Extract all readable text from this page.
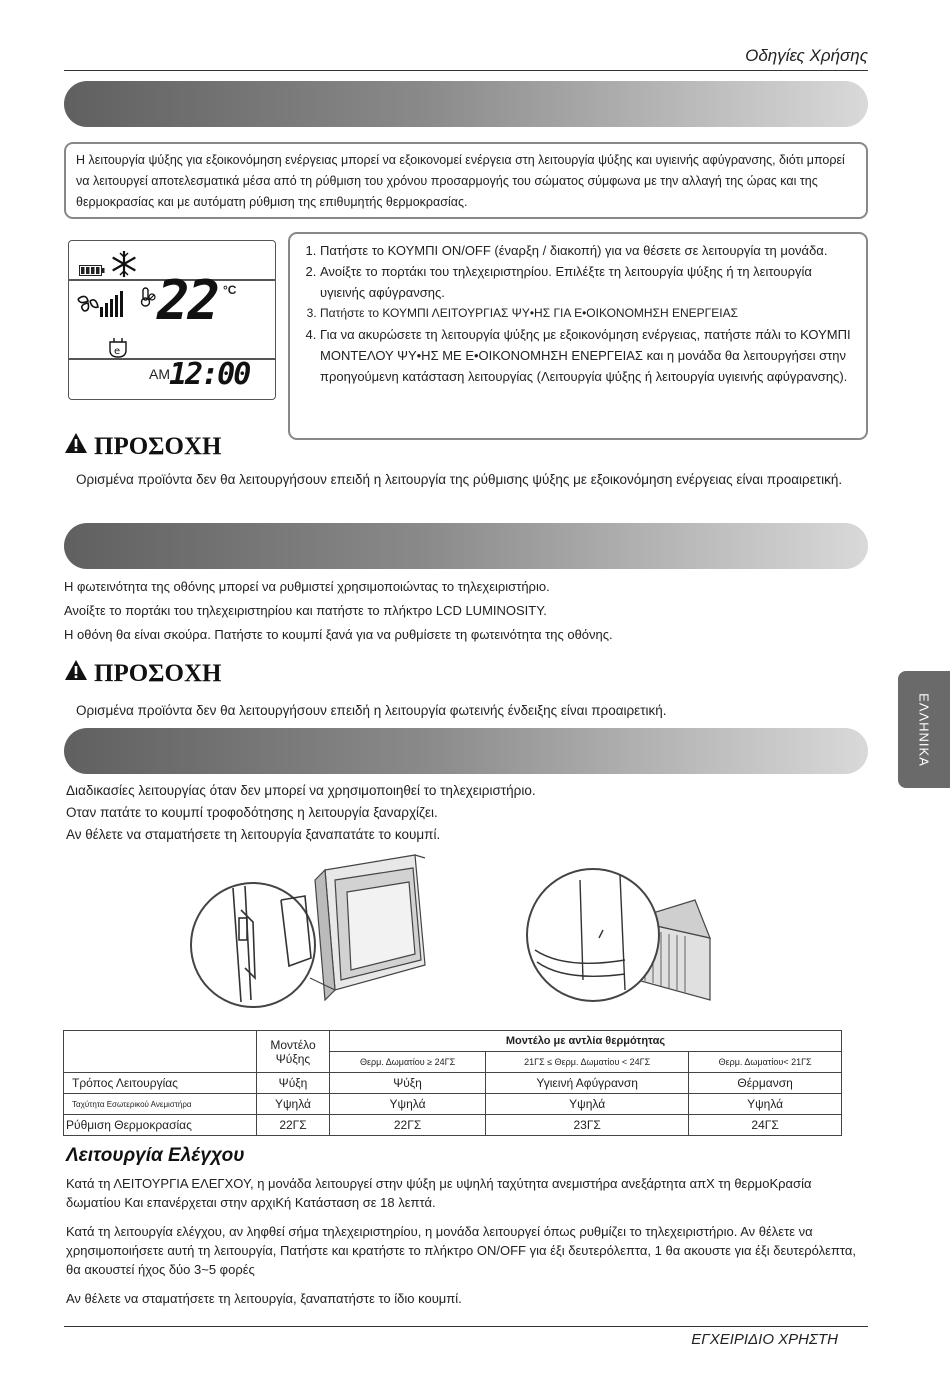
Οδηγίες Χρήσης
Η λειτουργία ψύξης για εξοικονόμηση ενέργειας μπορεί να εξοικονομεί ενέργεια στη λειτουργία ψύξης και υγιεινής αφύγρανσης, διότι μπορεί να λειτουργεί αποτελεσματικά μέσα από τη ρύθμιση του χρόνου προσαρμογής του σώματος σύμφωνα με την αλλαγή της ώρας και της θερμοκρασίας και με αυτόματη ρύθμιση της επιθυμητής θερμοκρασίας.
22 °C
e
AM 12:00
1. Πατήστε το ΚΟΥΜΠΙ ON/OFF (έναρξη / διακοπή) για να θέσετε σε λειτουργία τη μονάδα.
2. Ανοίξτε το πορτάκι του τηλεχειριστηρίου. Επιλέξτε τη λειτουργία ψύξης ή τη λειτουργία υγιεινής αφύγρανσης.
3. Πατήστε το ΚΟΥΜΠΙ ΛΕΙΤΟΥΡΓΙΑΣ ΨΥ•ΗΣ ΓΙΑ Ε•ΟΙΚΟΝΟΜΗΣΗ ΕΝΕΡΓΕΙΑΣ
4. Για να ακυρώσετε τη λειτουργία ψύξης με εξοικονόμηση ενέργειας, πατήστε πάλι το ΚΟΥΜΠΙ ΜΟΝΤΕΛΟΥ ΨΥ•ΗΣ ΜΕ Ε•ΟΙΚΟΝΟΜΗΣΗ ΕΝΕΡΓΕΙΑΣ και η μονάδα θα λειτουργήσει στην προηγούμενη κατάσταση λειτουργίας (Λειτουργία ψύξης ή λειτουργία υγιεινής αφύγρανσης).
ΠΡΟΣΟΧΗ
Ορισμένα προϊόντα δεν θα λειτουργήσουν επειδή η λειτουργία της ρύθμισης ψύξης με εξοικονόμηση ενέργειας είναι προαιρετική.
Η φωτεινότητα της οθόνης μπορεί να ρυθμιστεί χρησιμοποιώντας το τηλεχειριστήριο.
Ανοίξτε το πορτάκι του τηλεχειριστηρίου και πατήστε το πλήκτρο LCD LUMINOSITY.
Η οθόνη θα είναι σκούρα. Πατήστε το κουμπί ξανά για να ρυθμίσετε τη φωτεινότητα της οθόνης.
ΠΡΟΣΟΧΗ
Ορισμένα προϊόντα δεν θα λειτουργήσουν επειδή η λειτουργία φωτεινής ένδειξης είναι προαιρετική.	ΕΛΛΗΝΙΚΑ
Διαδικασίες λειτουργίας όταν δεν μπορεί να χρησιμοποιηθεί το τηλεχειριστήριο.
Οταν πατάτε το κουμπί τροφοδότησης η λειτουργία ξαναρχίζει.
Αν θέλετε να σταματήσετε τη λειτουργία ξαναπατάτε το κουμπί.
	Μοντέλο Ψύξης	Μοντέλο με αντλία θερμότητας		
		Θερμ. Δωματίου ≥ 24ΓΣ	21ΓΣ ≤ Θερμ. Δωματίου < 24ΓΣ	Θερμ. Δωματίου< 21ΓΣ
Τρόπος Λειτουργίας	Ψύξη	Ψύξη	Υγιεινή Αφύγρανση	Θέρμανση
Ταχύτητα Εσωτερικού Ανεμιστήρα	Υψηλά	Υψηλά	Υψηλά	Υψηλά
Ρύθμιση Θερμοκρασίας	22ΓΣ	22ΓΣ	23ΓΣ	24ΓΣ
Λειτουργία Ελέγχου
Κατά τη ΛΕΙΤΟΥΡΓΙΑ ΕΛΕΓΧΟΥ, η μονάδα λειτουργεί στην ψύξη με υψηλή ταχύτητα ανεμιστήρα ανεξάρτητα απΧ τη θερμοΚρασία δωματίου Και επανέρχεται στην αρχιΚή Κατάσταση σε 18 λεπτά.
Κατά τη λειτουργία ελέγχου, αν ληφθεί σήμα τηλεχειριστηρίου, η μονάδα λειτουργεί όπως ρυθμίζει το τηλεχειριστήριο. Αν θέλετε να χρησιμοποιήσετε αυτή τη λειτουργία, Πατήστε και κρατήστε το πλήκτρο ON/OFF για έξι δευτερόλεπτα, 1 θα ακουστε για έξι δευτερόλεπτα, θα ακουστεί ήχος δύο 3~5 φορές
Αν θέλετε να σταματήσετε τη λειτουργία, ξαναπατήστε το ίδιο κουμπί.
ΕΓΧΕΙΡΙΔΙΟ ΧΡΗΣΤΗ
